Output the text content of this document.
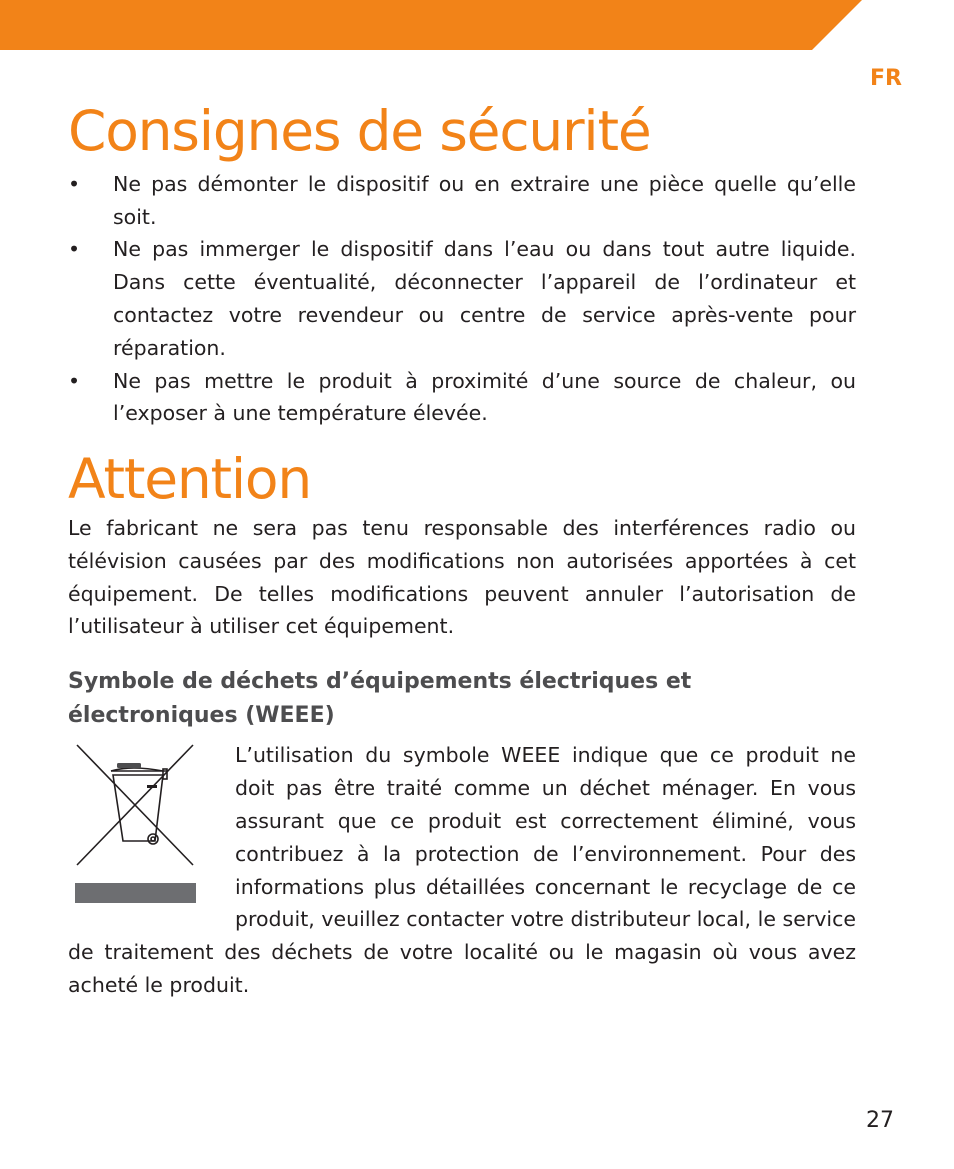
FR
Consignes de sécurité
• Ne pas démonter le dispositif ou en extraire une pièce quelle qu’elle soit.
• Ne pas immerger le dispositif dans l’eau ou dans tout autre liquide. Dans cette éventualité, déconnecter l’appareil de l’ordinateur et contactez votre revendeur ou centre de service après-vente pour réparation.
• Ne pas mettre le produit à proximité d’une source de chaleur, ou l’exposer à une température élevée.
Attention

Le fabricant ne sera pas tenu responsable des interférences radio ou télévision causées par des modifications non autorisées apportées à cet équipement. De telles modifications peuvent annuler l’autorisation de l’utilisateur à utiliser cet équipement.

Symbole de déchets d’équipements électriques et électroniques (WEEE)

L’utilisation du symbole WEEE indique que ce produit ne doit pas être traité comme un déchet ménager. En vous assurant que ce produit est correctement éliminé, vous contribuez à la protection de l’environnement. Pour des informations plus détaillées concernant le recyclage de ce produit, veuillez contacter votre distributeur local, le service de traitement des déchets de votre localité ou le magasin où vous avez acheté le produit.

27
